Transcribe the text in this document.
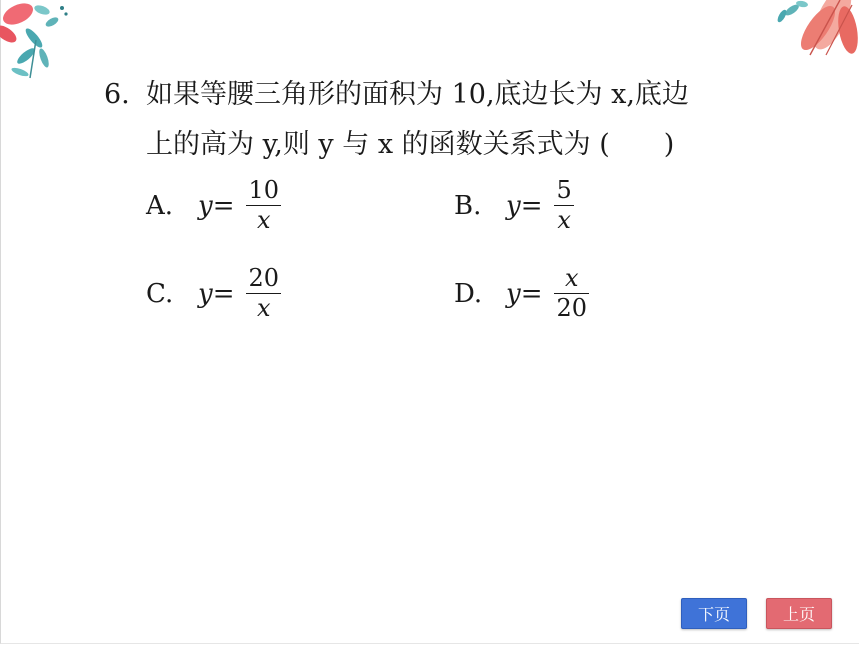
6. 如果等腰三角形的面积为 10,底边长为 x,底边
上的高为 y,则 y 与 x 的函数关系式为 (　　)
A. $y= \frac{10}{x}$	B. $y= \frac{5}{x}$
C. $y= \frac{20}{x}$	D. $y= \frac{x}{20}$
下页	上页
